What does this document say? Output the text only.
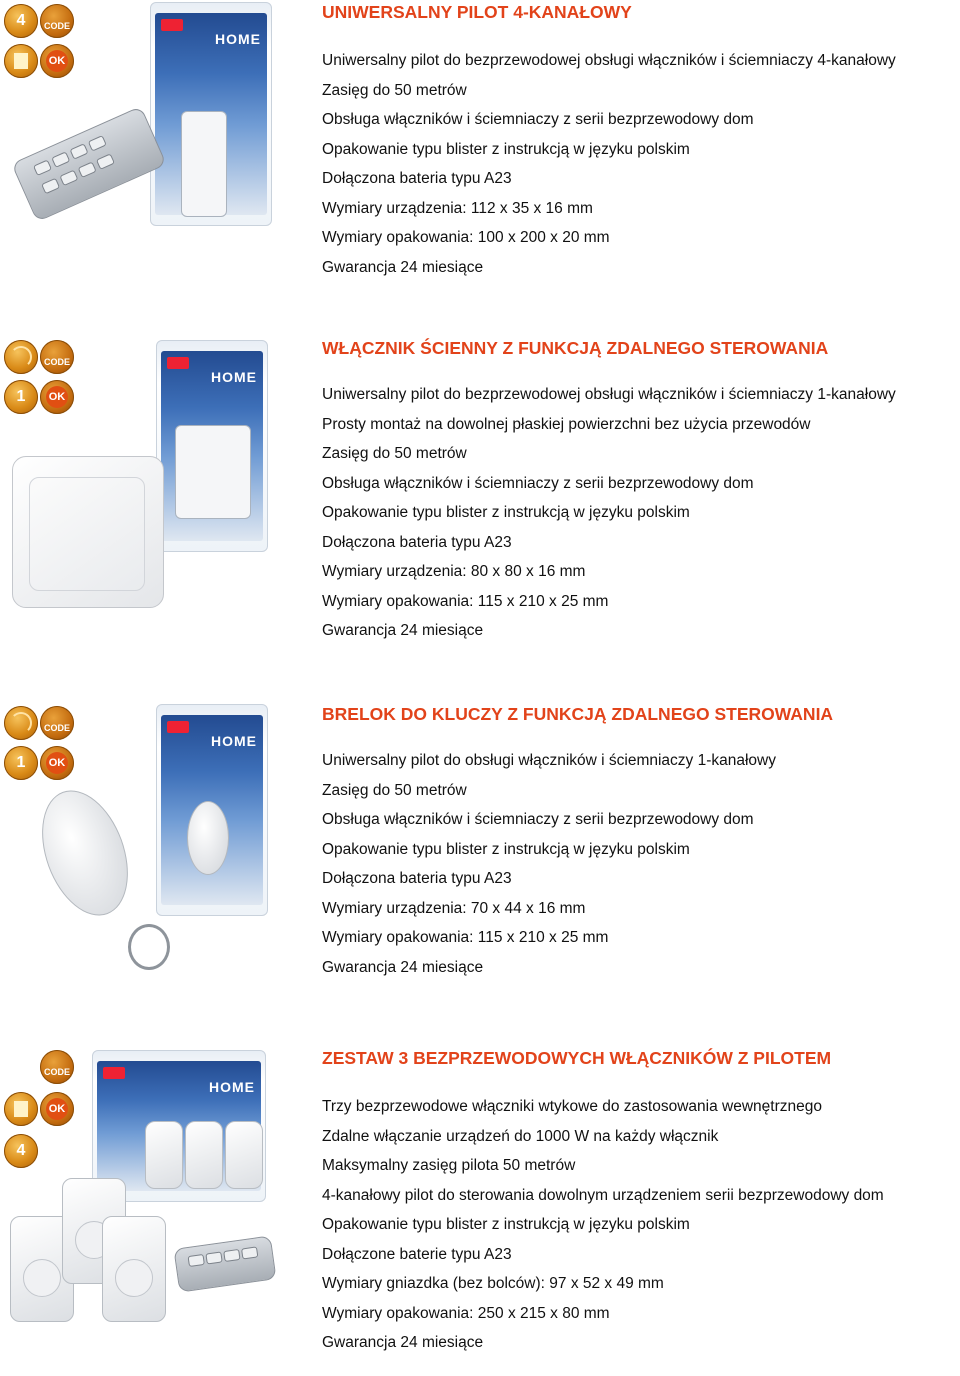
4	CODE
OK
HOME
UNIWERSALNY PILOT 4-KANAŁOWY
Uniwersalny pilot do bezprzewodowej obsługi włączników i ściemniaczy 4-kanałowy
Zasięg do 50 metrów
Obsługa włączników i ściemniaczy z serii bezprzewodowy dom
Opakowanie typu blister z instrukcją w języku polskim
Dołączona bateria typu A23
Wymiary urządzenia: 112 x 35 x 16 mm
Wymiary opakowania: 100 x 200 x 20 mm
Gwarancja 24 miesiące
CODE
1	OK
HOME
WŁĄCZNIK ŚCIENNY Z FUNKCJĄ ZDALNEGO STEROWANIA
Uniwersalny pilot do bezprzewodowej obsługi włączników i ściemniaczy 1-kanałowy
Prosty montaż na dowolnej płaskiej powierzchni bez użycia przewodów
Zasięg do 50 metrów
Obsługa włączników i ściemniaczy z serii bezprzewodowy dom
Opakowanie typu blister z instrukcją w języku polskim
Dołączona bateria typu A23
Wymiary urządzenia: 80 x 80 x 16 mm
Wymiary opakowania: 115 x 210 x 25 mm
Gwarancja 24 miesiące
CODE
1	OK
HOME
BRELOK DO KLUCZY Z FUNKCJĄ ZDALNEGO STEROWANIA
Uniwersalny pilot do obsługi włączników i ściemniaczy 1-kanałowy
Zasięg do 50 metrów
Obsługa włączników i ściemniaczy z serii bezprzewodowy dom
Opakowanie typu blister z instrukcją w języku polskim
Dołączona bateria typu A23
Wymiary urządzenia: 70 x 44 x 16 mm
Wymiary opakowania: 115 x 210 x 25 mm
Gwarancja 24 miesiące
CODE
OK
4
HOME
ZESTAW 3 BEZPRZEWODOWYCH WŁĄCZNIKÓW Z PILOTEM
Trzy bezprzewodowe włączniki wtykowe do zastosowania wewnętrznego
Zdalne włączanie urządzeń do 1000 W na każdy włącznik
Maksymalny zasięg pilota 50 metrów
4-kanałowy pilot do sterowania dowolnym urządzeniem serii bezprzewodowy dom
Opakowanie typu blister z instrukcją w języku polskim
Dołączone baterie typu A23
Wymiary gniazdka (bez bolców): 97 x 52 x 49 mm
Wymiary opakowania: 250 x 215 x 80 mm
Gwarancja 24 miesiące
